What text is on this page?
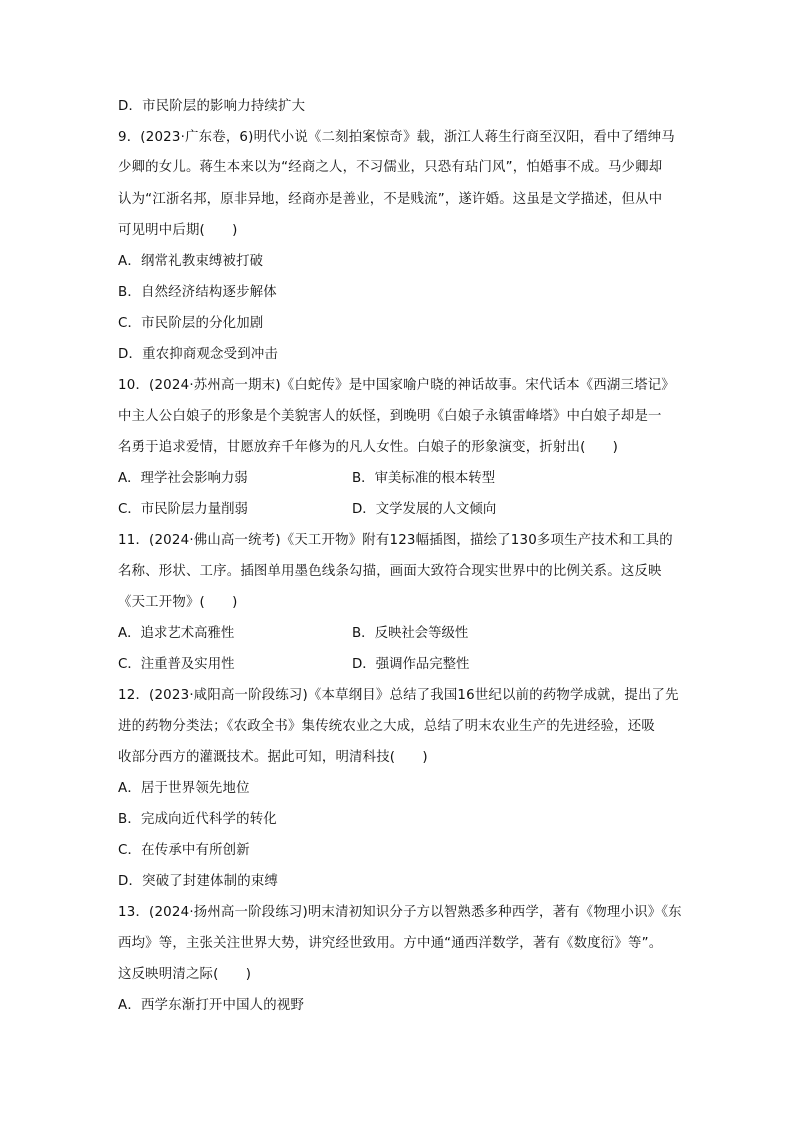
D．市民阶层的影响力持续扩大
9．(2023·广东卷，6)明代小说《二刻拍案惊奇》载，浙江人蒋生行商至汉阳，看中了缙绅马
少卿的女儿。蒋生本来以为“经商之人，不习儒业，只恐有玷门风”，怕婚事不成。马少卿却
认为“江浙名邦，原非异地，经商亦是善业，不是贱流”，遂许婚。这虽是文学描述，但从中
可见明中后期(　　)
A．纲常礼教束缚被打破
B．自然经济结构逐步解体
C．市民阶层的分化加剧
D．重农抑商观念受到冲击
10．(2024·苏州高一期末)《白蛇传》是中国家喻户晓的神话故事。宋代话本《西湖三塔记》
中主人公白娘子的形象是个美貌害人的妖怪，到晚明《白娘子永镇雷峰塔》中白娘子却是一
名勇于追求爱情，甘愿放弃千年修为的凡人女性。白娘子的形象演变，折射出(　　)
A．理学社会影响力弱	B．审美标准的根本转型
C．市民阶层力量削弱	D．文学发展的人文倾向
11．(2024·佛山高一统考)《天工开物》附有123幅插图，描绘了130多项生产技术和工具的
名称、形状、工序。插图单用墨色线条勾描，画面大致符合现实世界中的比例关系。这反映
《天工开物》(　　)
A．追求艺术高雅性	B．反映社会等级性
C．注重普及实用性	D．强调作品完整性
12．(2023·咸阳高一阶段练习)《本草纲目》总结了我国16世纪以前的药物学成就，提出了先
进的药物分类法；《农政全书》集传统农业之大成，总结了明末农业生产的先进经验，还吸
收部分西方的灌溉技术。据此可知，明清科技(　　)
A．居于世界领先地位
B．完成向近代科学的转化
C．在传承中有所创新
D．突破了封建体制的束缚
13．(2024·扬州高一阶段练习)明末清初知识分子方以智熟悉多种西学，著有《物理小识》《东
西均》等，主张关注世界大势，讲究经世致用。方中通“通西洋数学，著有《数度衍》等”。
这反映明清之际(　　)
A．西学东渐打开中国人的视野
